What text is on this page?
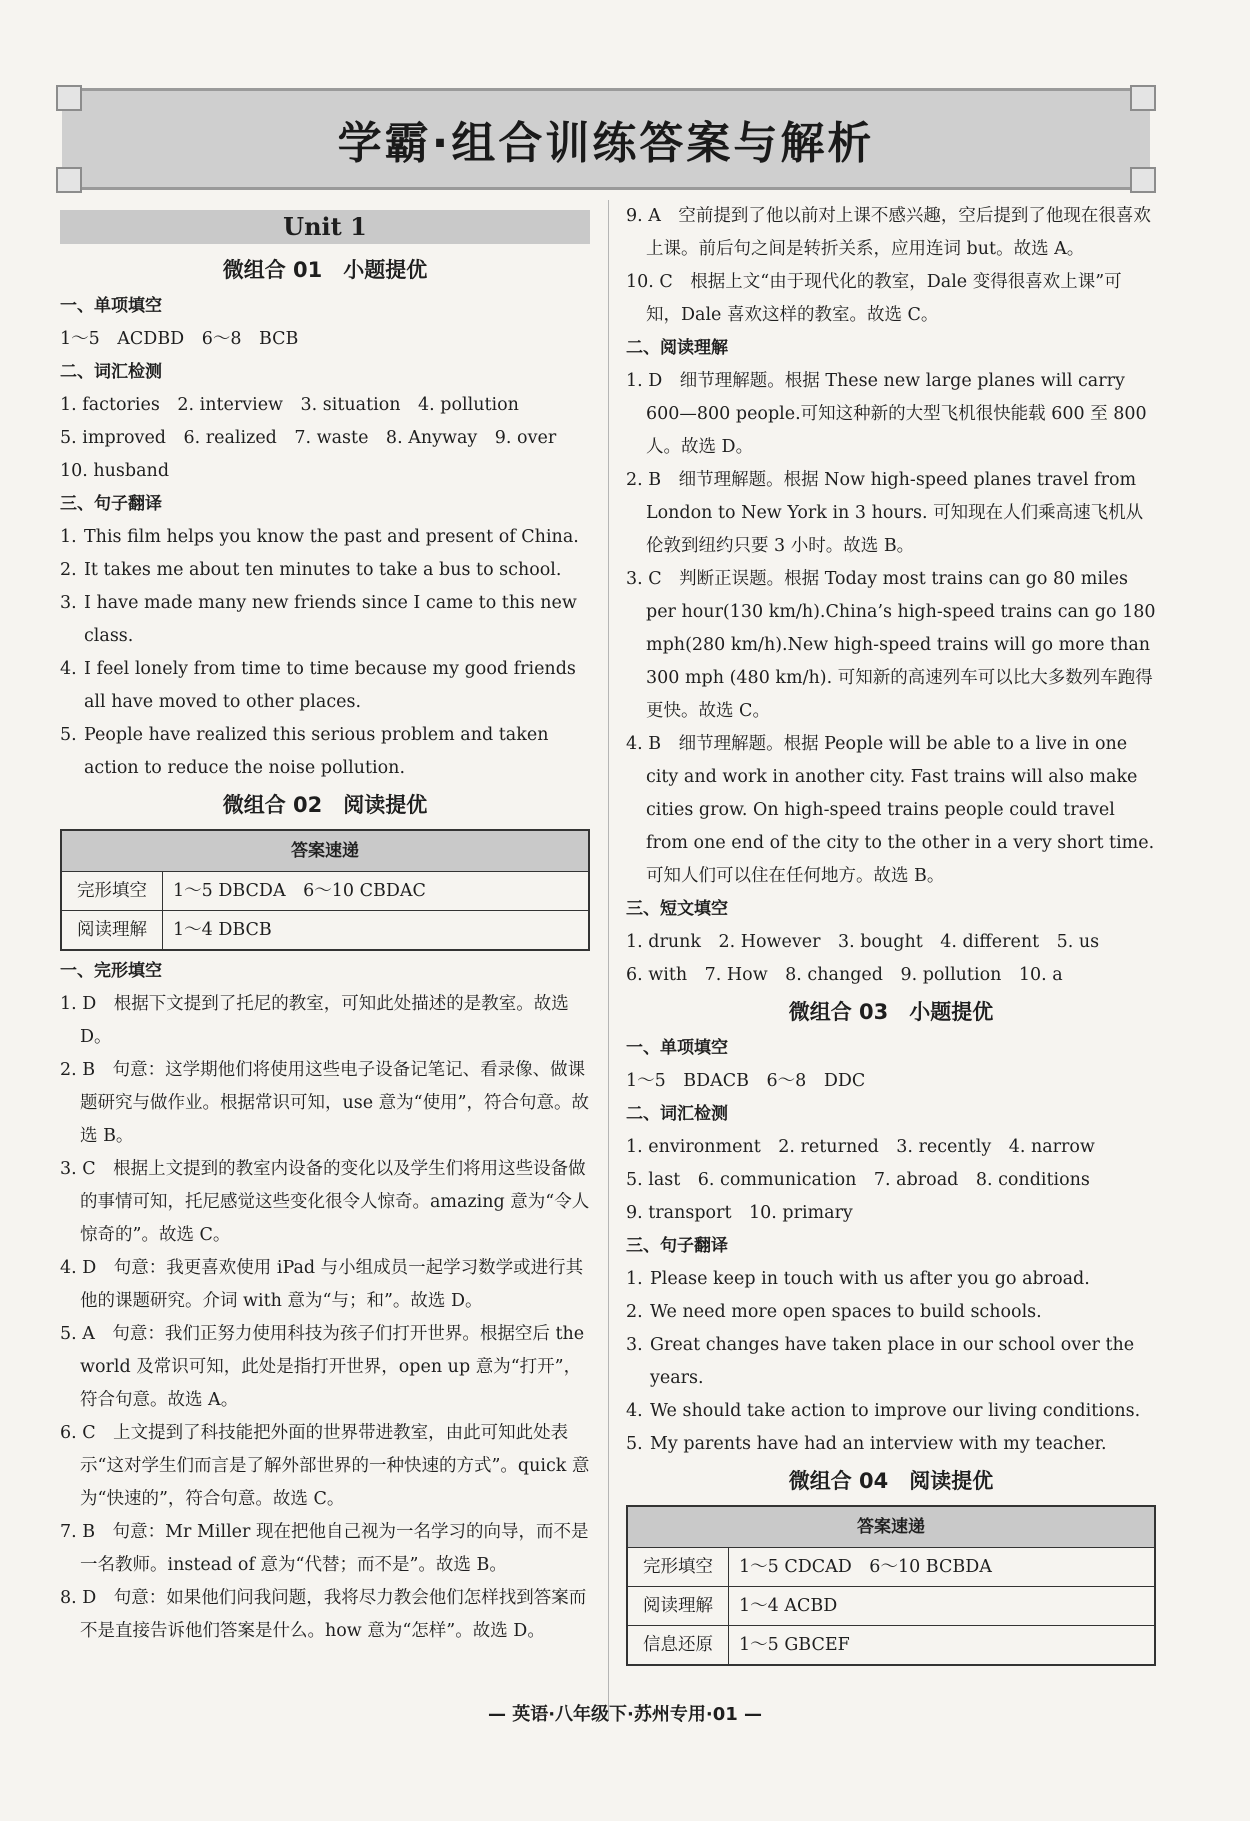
学霸·组合训练答案与解析
Unit 1
微组合 01　小题提优
一、单项填空
1～5　ACDBD　6～8　BCB
二、词汇检测
1. factories　2. interview　3. situation　4. pollution
5. improved　6. realized　7. waste　8. Anyway　9. over
10. husband
三、句子翻译
1. This film helps you know the past and present of China.
2. It takes me about ten minutes to take a bus to school.
3. I have made many new friends since I came to this new class.
4. I feel lonely from time to time because my good friends all have moved to other places.
5. People have realized this serious problem and taken action to reduce the noise pollution.
微组合 02　阅读提优
答案速递	
完形填空	1～5 DBCDA　6～10 CBDAC
阅读理解	1～4 DBCB
一、完形填空
1. D　 根据下文提到了托尼的教室，可知此处描述的是教室。故选 D。
2. B　 句意：这学期他们将使用这些电子设备记笔记、看录像、做课题研究与做作业。根据常识可知，use 意为“使用”，符合句意。故选 B。
3. C　 根据上文提到的教室内设备的变化以及学生们将用这些设备做的事情可知，托尼感觉这些变化很令人惊奇。amazing 意为“令人惊奇的”。故选 C。
4. D　 句意：我更喜欢使用 iPad 与小组成员一起学习数学或进行其他的课题研究。介词 with 意为“与；和”。故选 D。
5. A　 句意：我们正努力使用科技为孩子们打开世界。根据空后 the world 及常识可知，此处是指打开世界，open up 意为“打开”，符合句意。故选 A。
6. C　 上文提到了科技能把外面的世界带进教室，由此可知此处表示“这对学生们而言是了解外部世界的一种快速的方式”。quick 意为“快速的”，符合句意。故选 C。
7. B　 句意：Mr Miller 现在把他自己视为一名学习的向导，而不是一名教师。instead of 意为“代替；而不是”。故选 B。
8. D　 句意：如果他们问我问题，我将尽力教会他们怎样找到答案而不是直接告诉他们答案是什么。how 意为“怎样”。故选 D。
9. A　 空前提到了他以前对上课不感兴趣，空后提到了他现在很喜欢上课。前后句之间是转折关系，应用连词 but。故选 A。
10. C　 根据上文“由于现代化的教室，Dale 变得很喜欢上课”可知，Dale 喜欢这样的教室。故选 C。
二、阅读理解
1. D　 细节理解题。根据 These new large planes will carry 600—800 people.可知这种新的大型飞机很快能载 600 至 800 人。故选 D。
2. B　 细节理解题。根据 Now high-speed planes travel from London to New York in 3 hours. 可知现在人们乘高速飞机从伦敦到纽约只要 3 小时。故选 B。
3. C　 判断正误题。根据 Today most trains can go 80 miles per hour(130 km/h).China’s high-speed trains can go 180 mph(280 km/h).New high-speed trains will go more than 300 mph (480 km/h). 可知新的高速列车可以比大多数列车跑得更快。故选 C。
4. B　 细节理解题。根据 People will be able to a live in one city and work in another city. Fast trains will also make cities grow. On high-speed trains people could travel from one end of the city to the other in a very short time.可知人们可以住在任何地方。故选 B。
三、短文填空
1. drunk　2. However　3. bought　4. different　5. us
6. with　7. How　8. changed　9. pollution　10. a
微组合 03　小题提优
一、单项填空
1～5　BDACB　6～8　DDC
二、词汇检测
1. environment　2. returned　3. recently　4. narrow
5. last　6. communication　7. abroad　8. conditions
9. transport　10. primary
三、句子翻译
1. Please keep in touch with us after you go abroad.
2. We need more open spaces to build schools.
3. Great changes have taken place in our school over the years.
4. We should take action to improve our living conditions.
5. My parents have had an interview with my teacher.
微组合 04　阅读提优
答案速递	
完形填空	1～5 CDCAD　6～10 BCBDA
阅读理解	1～4 ACBD
信息还原	1～5 GBCEF
— 英语·八年级下·苏州专用·01 —
